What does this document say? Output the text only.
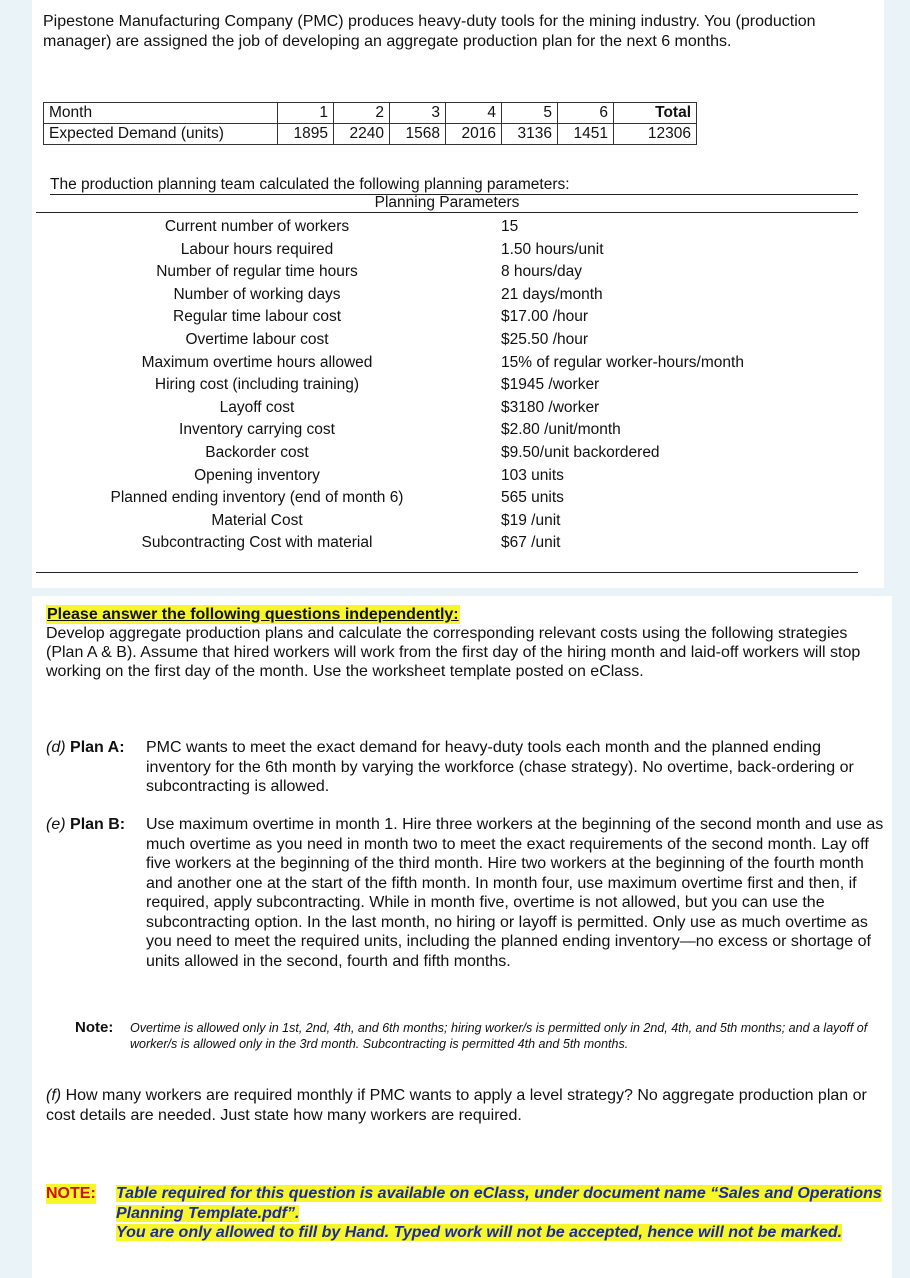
Pipestone Manufacturing Company (PMC) produces heavy-duty tools for the mining industry. You (production manager) are assigned the job of developing an aggregate production plan for the next 6 months.
Month	1	2	3	4	5	6	Total
Expected Demand (units)	1895	2240	1568	2016	3136	1451	12306
The production planning team calculated the following planning parameters:
Planning Parameters
Current number of workers	15
Labour hours required	1.50 hours/unit
Number of regular time hours	8 hours/day
Number of working days	21 days/month
Regular time labour cost	$17.00 /hour
Overtime labour cost	$25.50 /hour
Maximum overtime hours allowed	15% of regular worker-hours/month
Hiring cost (including training)	$1945 /worker
Layoff cost	$3180 /worker
Inventory carrying cost	$2.80 /unit/month
Backorder cost	$9.50/unit backordered
Opening inventory	103 units
Planned ending inventory (end of month 6)	565 units
Material Cost	$19 /unit
Subcontracting Cost with material	$67 /unit
Please answer the following questions independently:
Develop aggregate production plans and calculate the corresponding relevant costs using the following strategies (Plan A & B). Assume that hired workers will work from the first day of the hiring month and laid-off workers will stop working on the first day of the month. Use the worksheet template posted on eClass.
(d) Plan A: PMC wants to meet the exact demand for heavy-duty tools each month and the planned ending inventory for the 6th month by varying the workforce (chase strategy). No overtime, back-ordering or subcontracting is allowed.
(e) Plan B: Use maximum overtime in month 1. Hire three workers at the beginning of the second month and use as much overtime as you need in month two to meet the exact requirements of the second month. Lay off five workers at the beginning of the third month. Hire two workers at the beginning of the fourth month and another one at the start of the fifth month. In month four, use maximum overtime first and then, if required, apply subcontracting. While in month five, overtime is not allowed, but you can use the subcontracting option. In the last month, no hiring or layoff is permitted. Only use as much overtime as you need to meet the required units, including the planned ending inventory—no excess or shortage of units allowed in the second, fourth and fifth months.
Note: Overtime is allowed only in 1st, 2nd, 4th, and 6th months; hiring worker/s is permitted only in 2nd, 4th, and 5th months; and a layoff of worker/s is allowed only in the 3rd month. Subcontracting is permitted 4th and 5th months.
(f) How many workers are required monthly if PMC wants to apply a level strategy? No aggregate production plan or cost details are needed. Just state how many workers are required.
NOTE: Table required for this question is available on eClass, under document name “Sales and Operations Planning Template.pdf”.
You are only allowed to fill by Hand. Typed work will not be accepted, hence will not be marked.
